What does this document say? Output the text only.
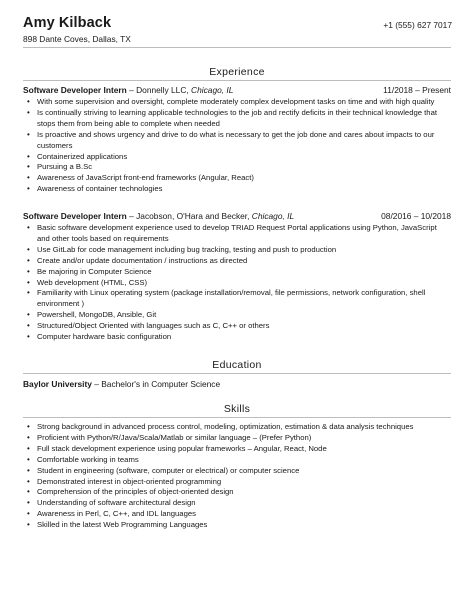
Amy Kilback	+1 (555) 627 7017
898 Dante Coves, Dallas, TX
Experience
Software Developer Intern – Donnelly LLC, Chicago, IL	11/2018 – Present
• With some supervision and oversight, complete moderately complex development tasks on time and with high quality
• Is continually striving to learning applicable technologies to the job and rectify deficits in their technical knowledge that stops them from being able to complete when needed
• Is proactive and shows urgency and drive to do what is necessary to get the job done and cares about impacts to our customers
• Containerized applications
• Pursuing a B.Sc
• Awareness of JavaScript front-end frameworks (Angular, React)
• Awareness of container technologies
Software Developer Intern – Jacobson, O'Hara and Becker, Chicago, IL	08/2016 – 10/2018
• Basic software development experience used to develop TRIAD Request Portal applications using Python, JavaScript and other tools based on requirements
• Use GitLab for code management including bug tracking, testing and push to production
• Create and/or update documentation / instructions as directed
• Be majoring in Computer Science
• Web development (HTML, CSS)
• Familiarity with Linux operating system (package installation/removal, file permissions, network configuration, shell environment )
• Powershell, MongoDB, Ansible, Git
• Structured/Object Oriented with languages such as C, C++ or others
• Computer hardware basic configuration
Education
Baylor University – Bachelor's in Computer Science
Skills
• Strong background in advanced process control, modeling, optimization, estimation & data analysis techniques
• Proficient with Python/R/Java/Scala/Matlab or similar language – (Prefer Python)
• Full stack development experience using popular frameworks – Angular, React, Node
• Comfortable working in teams
• Student in engineering (software, computer or electrical) or computer science
• Demonstrated interest in object-oriented programming
• Comprehension of the principles of object-oriented design
• Understanding of software architectural design
• Awareness in Perl, C, C++, and IDL languages
• Skilled in the latest Web Programming Languages
